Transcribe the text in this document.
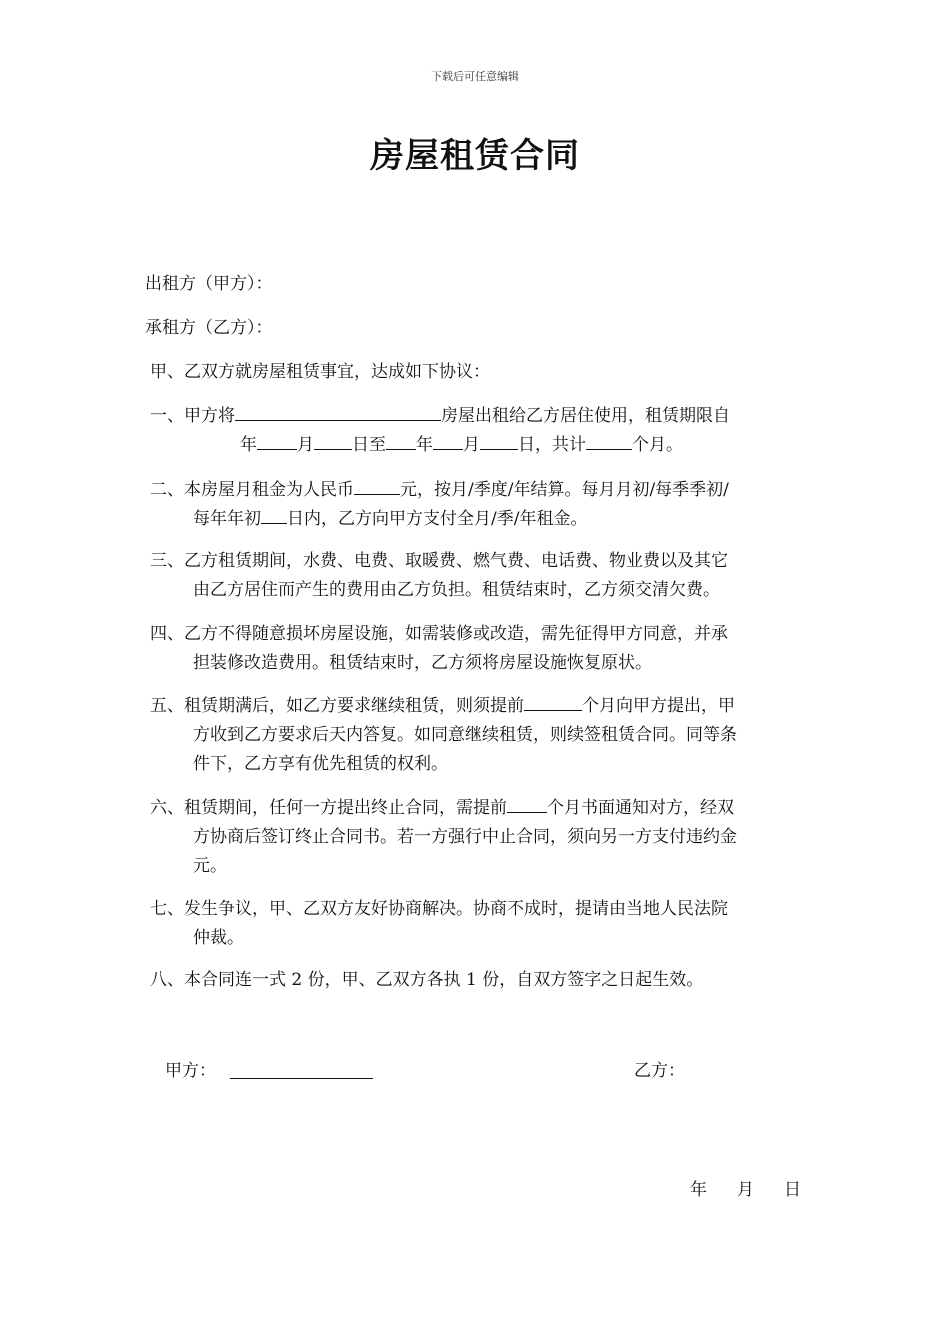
下载后可任意编辑
房屋租赁合同
出租方（甲方）：
承租方（乙方）：
甲、乙双方就房屋租赁事宜，达成如下协议：
一、甲方将	房屋出租给乙方居住使用，租赁期限自
年 月 日至 年 月 日，共计	个月。
二、本房屋月租金为人民币	元，按月/季度/年结算。每月月初/每季季初/
每年年初 日内，乙方向甲方支付全月/季/年租金。
三、乙方租赁期间，水费、电费、取暖费、燃气费、电话费、物业费以及其它
由乙方居住而产生的费用由乙方负担。租赁结束时，乙方须交清欠费。
四、乙方不得随意损坏房屋设施，如需装修或改造，需先征得甲方同意，并承
担装修改造费用。租赁结束时，乙方须将房屋设施恢复原状。
五、租赁期满后，如乙方要求继续租赁，则须提前	个月向甲方提出，甲
方收到乙方要求后天内答复。如同意继续租赁，则续签租赁合同。同等条
件下，乙方享有优先租赁的权利。
六、租赁期间，任何一方提出终止合同，需提前 个月书面通知对方，经双
方协商后签订终止合同书。若一方强行中止合同，须向另一方支付违约金
元。
七、发生争议，甲、乙双方友好协商解决。协商不成时，提请由当地人民法院
仲裁。
八、本合同连一式 2 份，甲、乙双方各执 1 份，自双方签字之日起生效。
甲方：	乙方：
年 月 日
